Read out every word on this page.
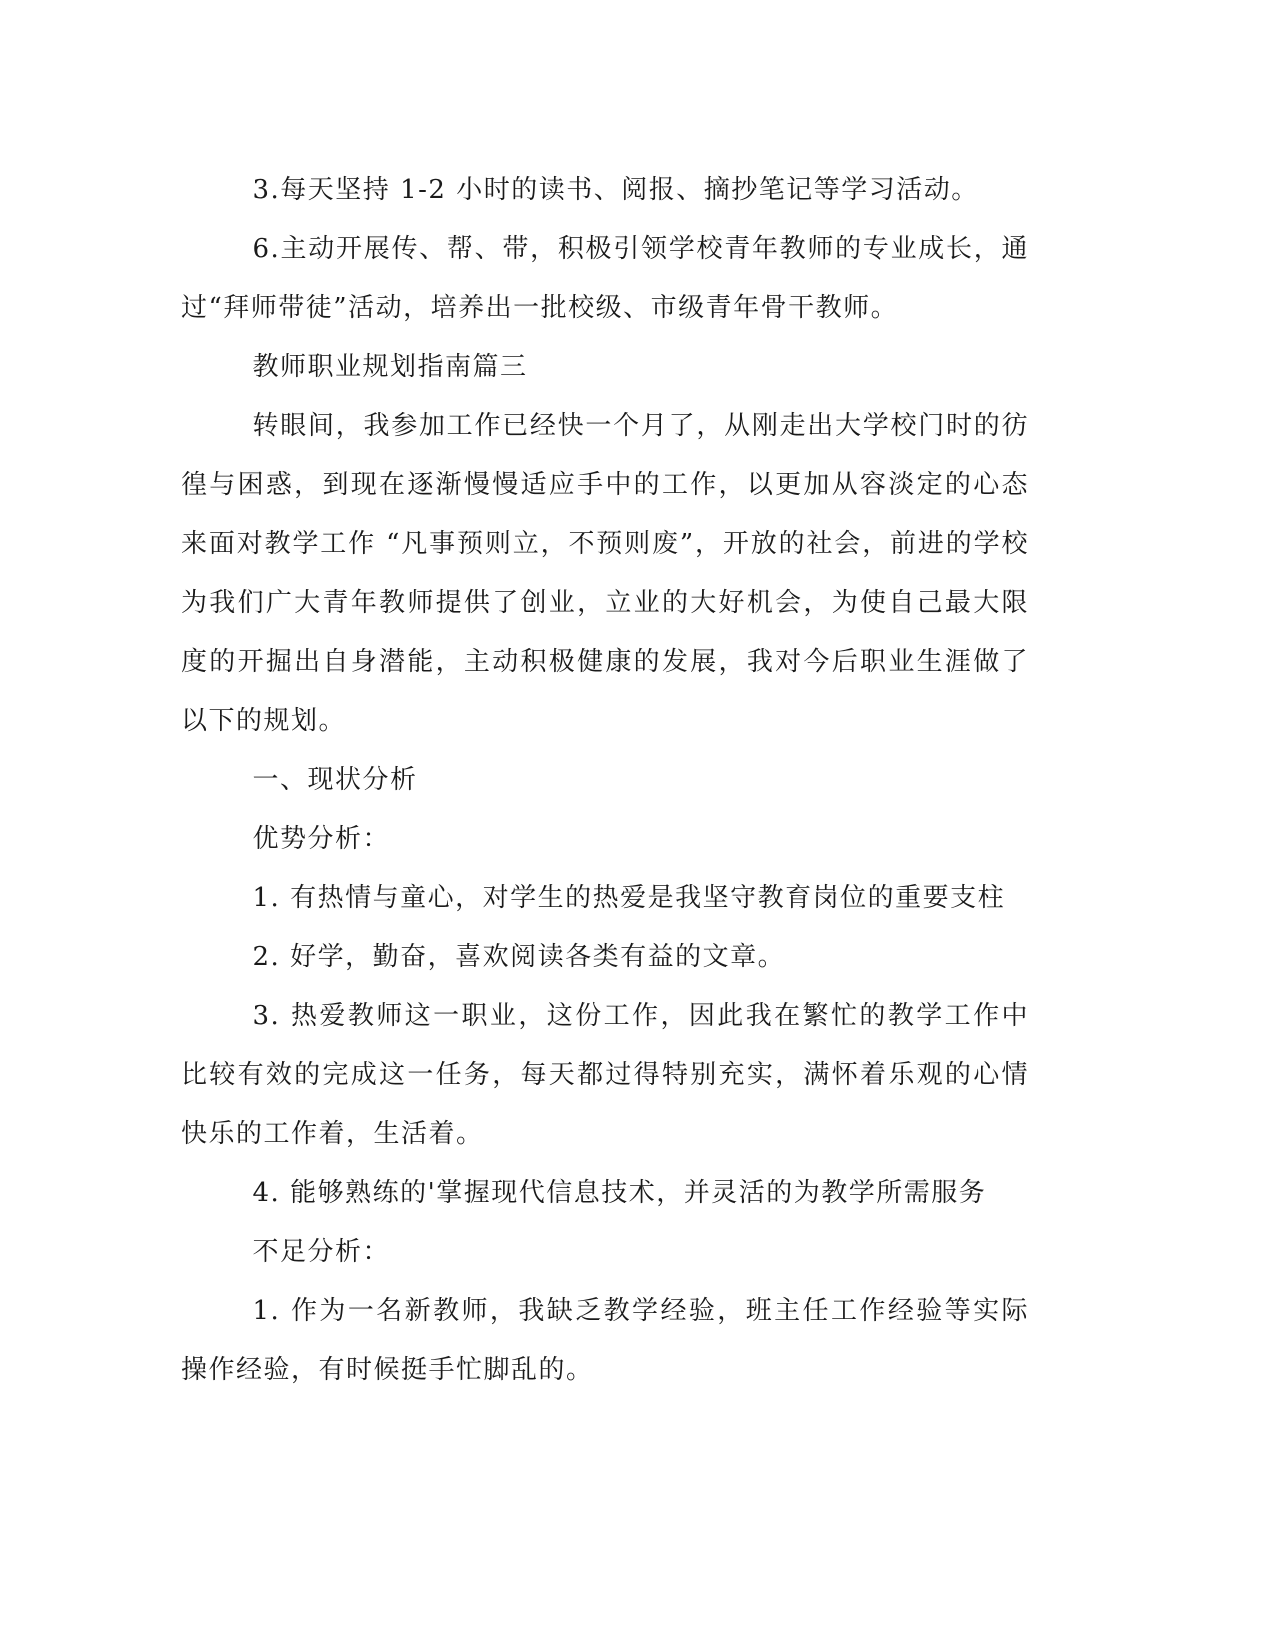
3.每天坚持 1-2 小时的读书、阅报、摘抄笔记等学习活动。

6.主动开展传、帮、带，积极引领学校青年教师的专业成长，通过“拜师带徒”活动，培养出一批校级、市级青年骨干教师。

教师职业规划指南篇三

转眼间，我参加工作已经快一个月了，从刚走出大学校门时的彷徨与困惑，到现在逐渐慢慢适应手中的工作，以更加从容淡定的心态来面对教学工作 “凡事预则立，不预则废”，开放的社会，前进的学校为我们广大青年教师提供了创业，立业的大好机会，为使自己最大限度的开掘出自身潜能，主动积极健康的发展，我对今后职业生涯做了以下的规划。

一、现状分析

优势分析：

1. 有热情与童心，对学生的热爱是我坚守教育岗位的重要支柱

2. 好学，勤奋，喜欢阅读各类有益的文章。

3. 热爱教师这一职业，这份工作，因此我在繁忙的教学工作中比较有效的完成这一任务，每天都过得特别充实，满怀着乐观的心情快乐的工作着，生活着。

4. 能够熟练的'掌握现代信息技术，并灵活的为教学所需服务

不足分析：

1. 作为一名新教师，我缺乏教学经验，班主任工作经验等实际操作经验，有时候挺手忙脚乱的。
